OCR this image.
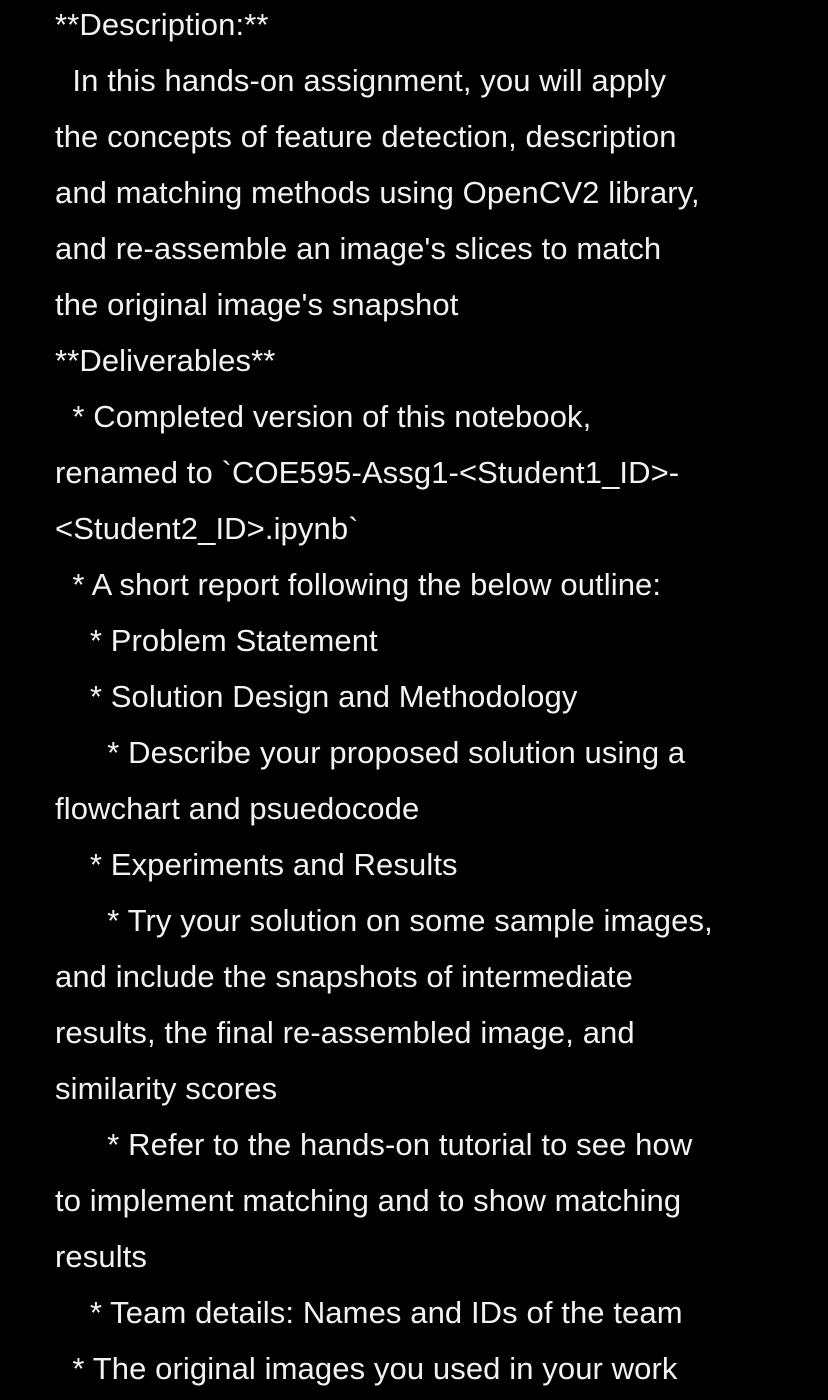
**Description:**
In this hands-on assignment, you will apply
the concepts of feature detection, description
and matching methods using OpenCV2 library,
and re-assemble an image's slices to match
the original image's snapshot
**Deliverables**
* Completed version of this notebook,
renamed to `COE595-Assg1-<Student1_ID>-
<Student2_ID>.ipynb`
* A short report following the below outline:
* Problem Statement
* Solution Design and Methodology
* Describe your proposed solution using a
flowchart and psuedocode
* Experiments and Results
* Try your solution on some sample images,
and include the snapshots of intermediate
results, the final re-assembled image, and
similarity scores
* Refer to the hands-on tutorial to see how
to implement matching and to show matching
results
* Team details: Names and IDs of the team
* The original images you used in your work
